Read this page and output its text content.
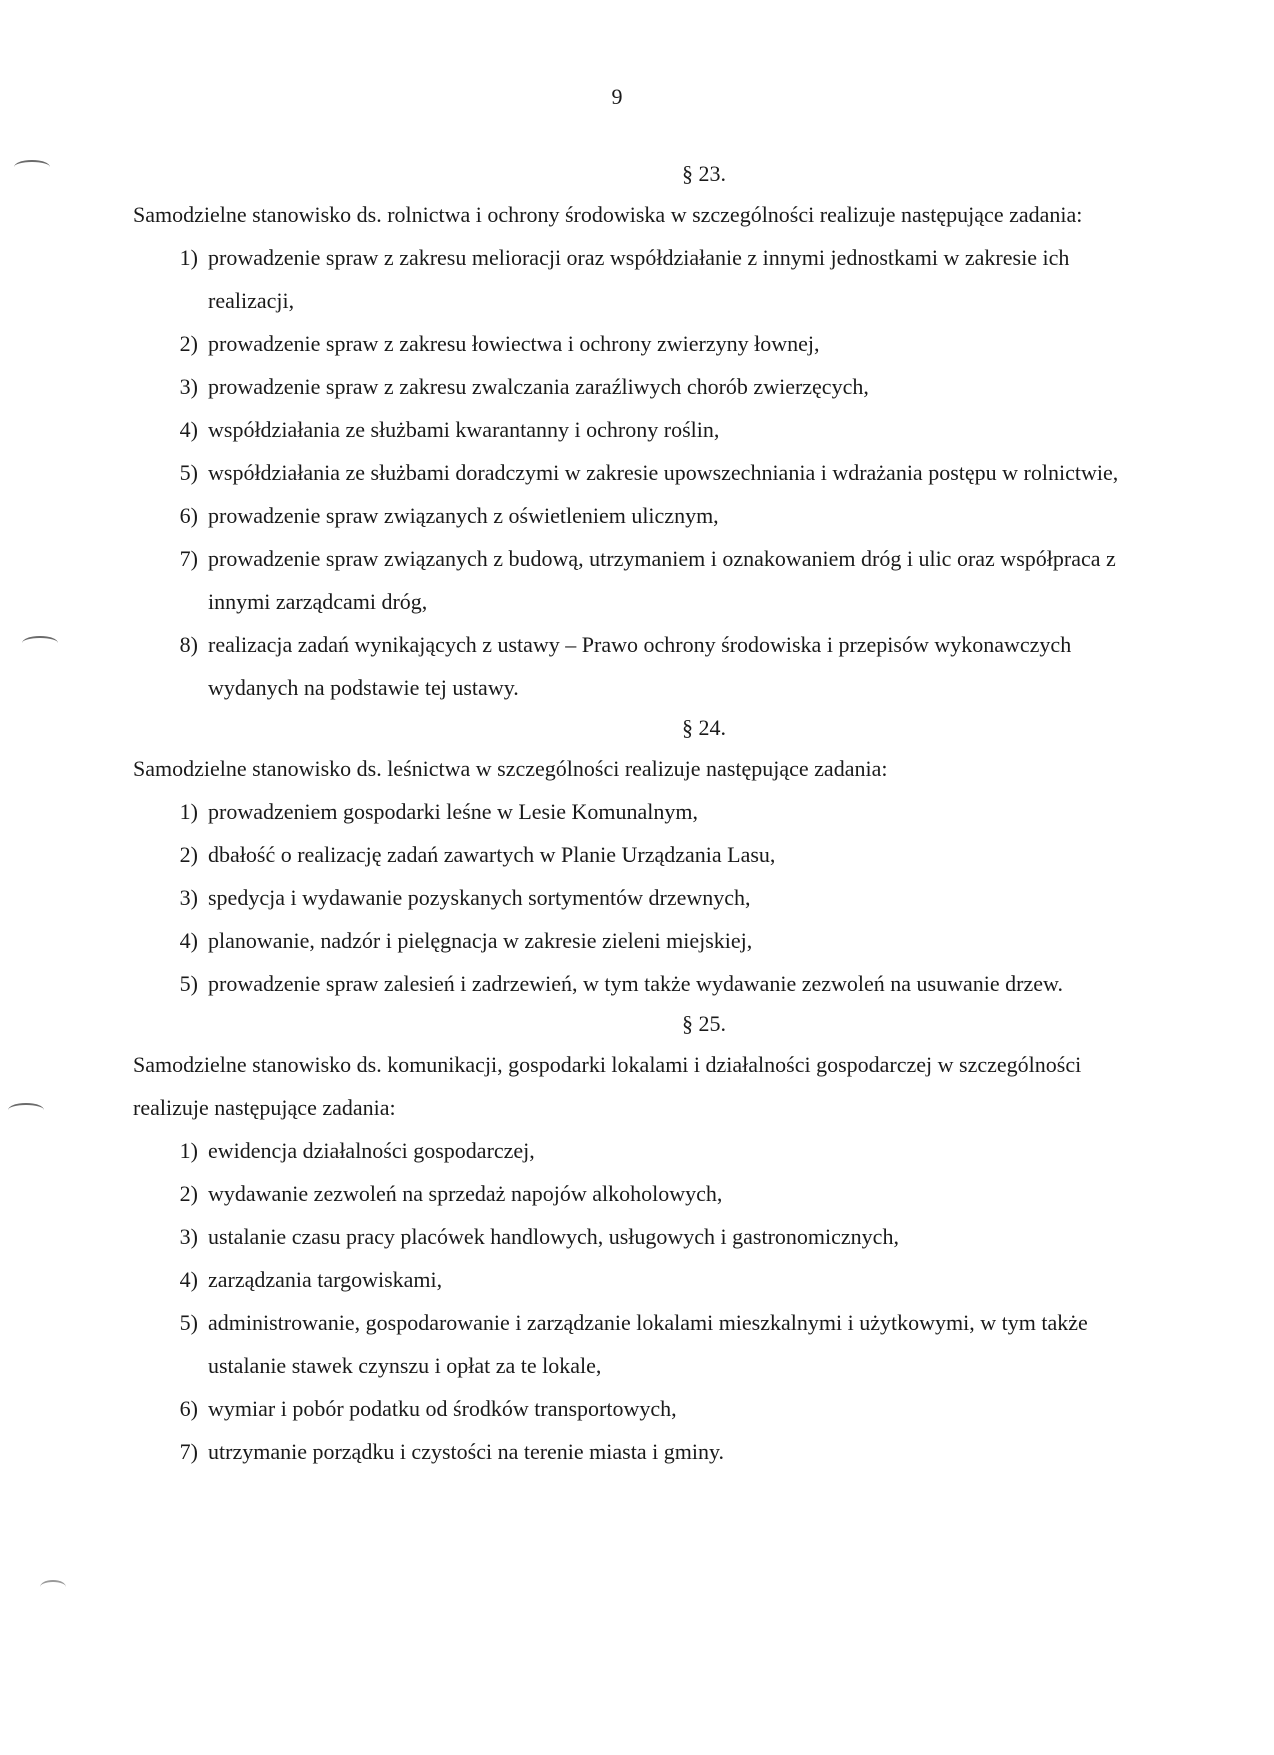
9
§ 23.
Samodzielne stanowisko ds. rolnictwa i ochrony środowiska w szczególności realizuje następujące zadania:
1) prowadzenie spraw z zakresu melioracji oraz współdziałanie z innymi jednostkami w zakresie ich realizacji,
2) prowadzenie spraw z zakresu łowiectwa i ochrony zwierzyny łownej,
3) prowadzenie spraw z zakresu zwalczania zaraźliwych chorób zwierzęcych,
4) współdziałania ze służbami kwarantanny i ochrony roślin,
5) współdziałania ze służbami doradczymi w zakresie upowszechniania i wdrażania postępu w rolnictwie,
6) prowadzenie spraw związanych z oświetleniem ulicznym,
7) prowadzenie spraw związanych z budową, utrzymaniem i oznakowaniem dróg i ulic oraz współpraca z innymi zarządcami dróg,
8) realizacja zadań wynikających z ustawy – Prawo ochrony środowiska i przepisów wykonawczych wydanych na podstawie tej ustawy.
§ 24.
Samodzielne stanowisko ds. leśnictwa w szczególności realizuje następujące zadania:
1) prowadzeniem gospodarki leśne w Lesie Komunalnym,
2) dbałość o realizację zadań zawartych w Planie Urządzania Lasu,
3) spedycja i wydawanie pozyskanych sortymentów drzewnych,
4) planowanie, nadzór i pielęgnacja w zakresie zieleni miejskiej,
5) prowadzenie spraw zalesień i zadrzewień, w tym także wydawanie zezwoleń na usuwanie drzew.
§ 25.
Samodzielne stanowisko ds. komunikacji, gospodarki lokalami i działalności gospodarczej w szczególności realizuje następujące zadania:
1) ewidencja działalności gospodarczej,
2) wydawanie zezwoleń na sprzedaż napojów alkoholowych,
3) ustalanie czasu pracy placówek handlowych, usługowych i gastronomicznych,
4) zarządzania targowiskami,
5) administrowanie, gospodarowanie i zarządzanie lokalami mieszkalnymi i użytkowymi, w tym także ustalanie stawek czynszu i opłat za te lokale,
6) wymiar i pobór podatku od środków transportowych,
7) utrzymanie porządku i czystości na terenie miasta i gminy.
